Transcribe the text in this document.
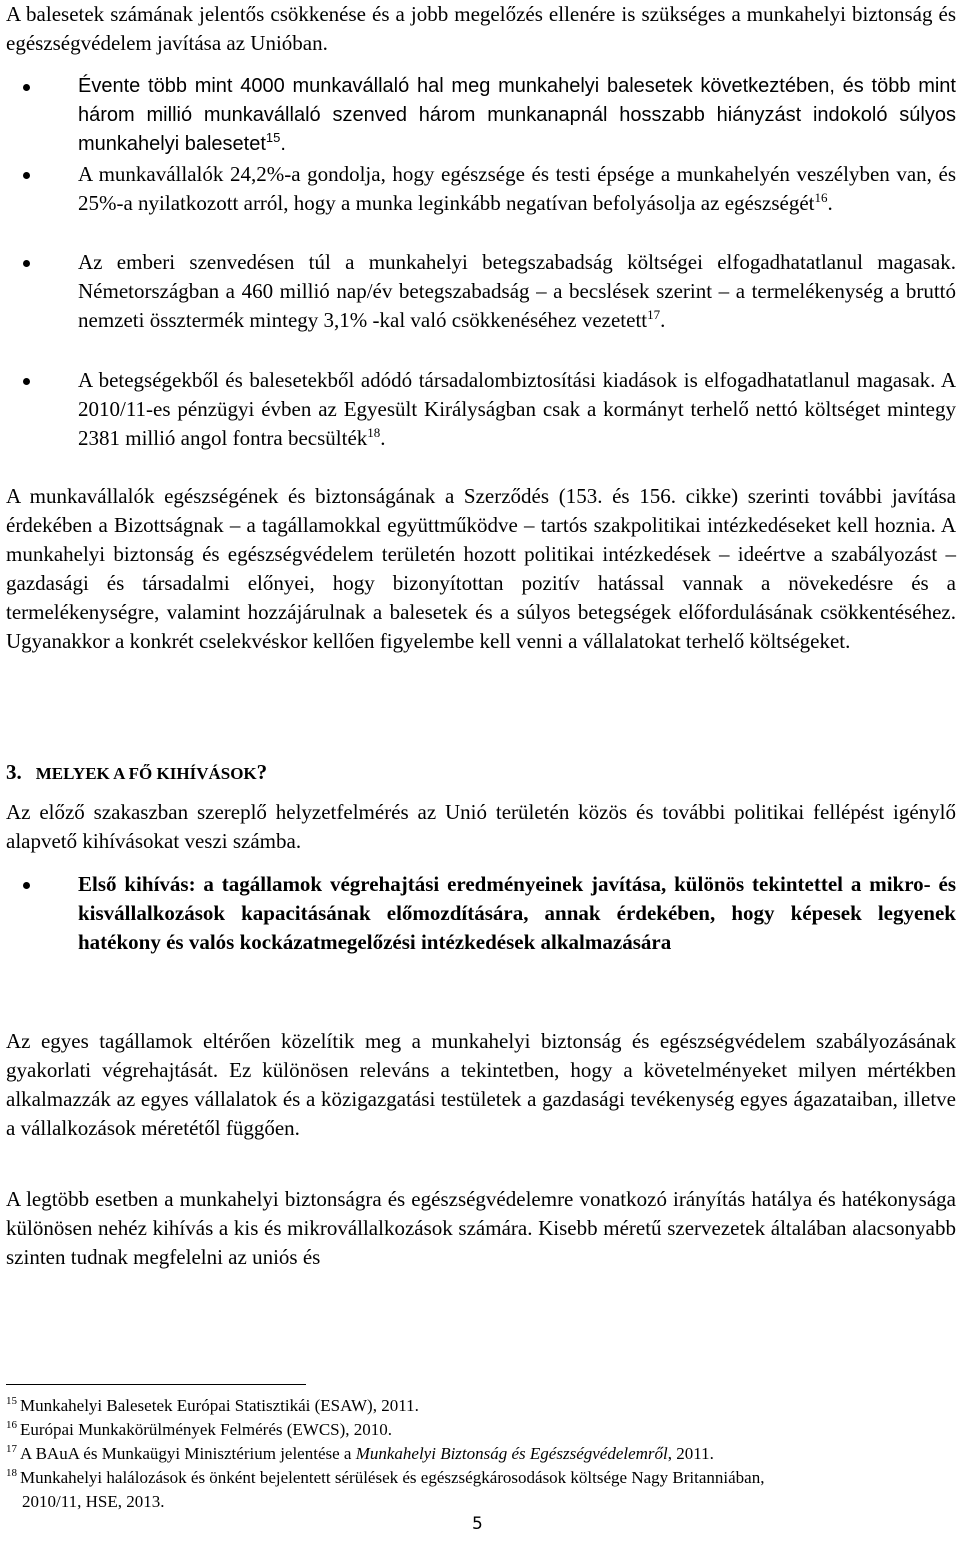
A balesetek számának jelentős csökkenése és a jobb megelőzés ellenére is szükséges a munkahelyi biztonság és egészségvédelem javítása az Unióban.

Évente több mint 4000 munkavállaló hal meg munkahelyi balesetek következtében, és több mint három millió munkavállaló szenved három munkanapnál hosszabb hiányzást indokoló súlyos munkahelyi balesetet$^{15}$.
A munkavállalók 24,2%-a gondolja, hogy egészsége és testi épsége a munkahelyén veszélyben van, és 25%-a nyilatkozott arról, hogy a munka leginkább negatívan befolyásolja az egészségét$^{16}$.
Az emberi szenvedésen túl a munkahelyi betegszabadság költségei elfogadhatatlanul magasak. Németországban a 460 millió nap/év betegszabadság – a becslések szerint – a termelékenység a bruttó nemzeti össztermék mintegy 3,1% -kal való csökkenéséhez vezetett$^{17}$.
A betegségekből és balesetekből adódó társadalombiztosítási kiadások is elfogadhatatlanul magasak. A 2010/11-es pénzügyi évben az Egyesült Királyságban csak a kormányt terhelő nettó költséget mintegy 2381 millió angol fontra becsülték$^{18}$.

A munkavállalók egészségének és biztonságának a Szerződés (153. és 156. cikke) szerinti további javítása érdekében a Bizottságnak – a tagállamokkal együttműködve – tartós szakpolitikai intézkedéseket kell hoznia. A munkahelyi biztonság és egészségvédelem területén hozott politikai intézkedések – ideértve a szabályozást – gazdasági és társadalmi előnyei, hogy bizonyítottan pozitív hatással vannak a növekedésre és a termelékenységre, valamint hozzájárulnak a balesetek és a súlyos betegségek előfordulásának csökkentéséhez. Ugyanakkor a konkrét cselekvéskor kellően figyelembe kell venni a vállalatokat terhelő költségeket.

3. MELYEK A FŐ KIHÍVÁSOK?

Az előző szakaszban szereplő helyzetfelmérés az Unió területén közös és további politikai fellépést igénylő alapvető kihívásokat veszi számba.

Első kihívás: a tagállamok végrehajtási eredményeinek javítása, különös tekintettel a mikro- és kisvállalkozások kapacitásának előmozdítására, annak érdekében, hogy képesek legyenek hatékony és valós kockázatmegelőzési intézkedések alkalmazására

Az egyes tagállamok eltérően közelítik meg a munkahelyi biztonság és egészségvédelem szabályozásának gyakorlati végrehajtását. Ez különösen releváns a tekintetben, hogy a követelményeket milyen mértékben alkalmazzák az egyes vállalatok és a közigazgatási testületek a gazdasági tevékenység egyes ágazataiban, illetve a vállalkozások méretétől függően.

A legtöbb esetben a munkahelyi biztonságra és egészségvédelemre vonatkozó irányítás hatálya és hatékonysága különösen nehéz kihívás a kis és mikrovállalkozások számára. Kisebb méretű szervezetek általában alacsonyabb szinten tudnak megfelelni az uniós és

$^{15}$ Munkahelyi Balesetek Európai Statisztikái (ESAW), 2011.
$^{16}$ Európai Munkakörülmények Felmérés (EWCS), 2010.
$^{17}$ A BAuA és Munkaügyi Minisztérium jelentése a Munkahelyi Biztonság és Egészségvédelemről, 2011.
$^{18}$ Munkahelyi halálozások és önként bejelentett sérülések és egészségkárosodások költsége Nagy Britanniában,
2010/11, HSE, 2013.
5
